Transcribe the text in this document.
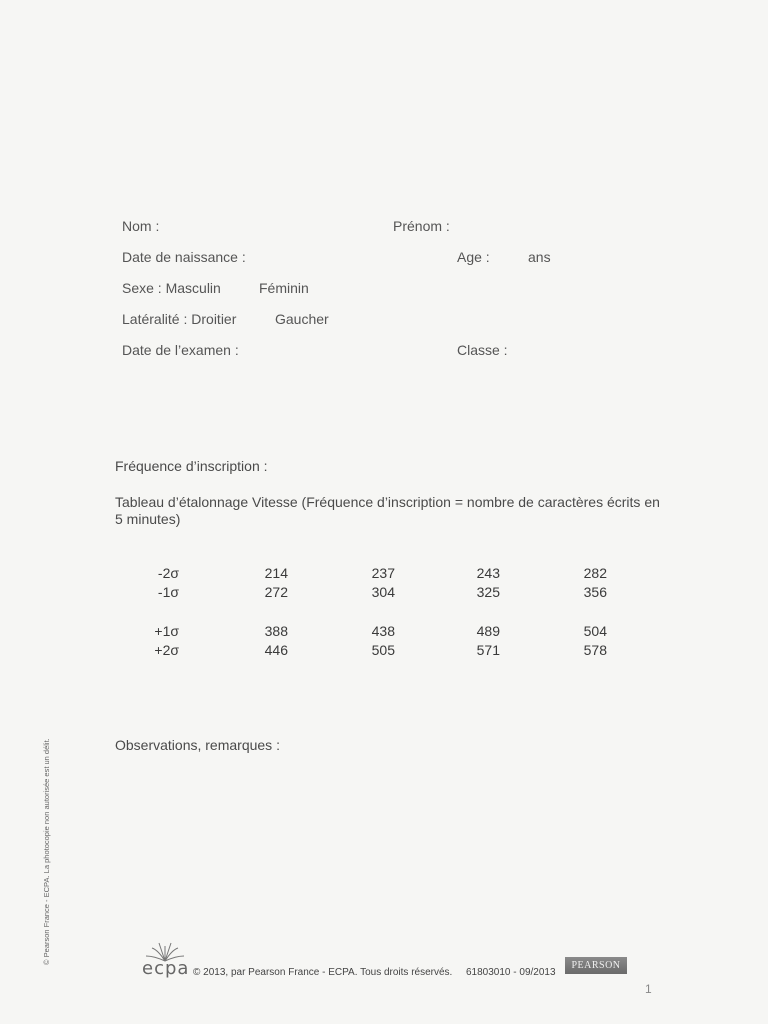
Nom :	Prénom :
Date de naissance :	Age :	ans
Sexe : Masculin	Féminin
Latéralité : Droitier	Gaucher
Date de l’examen :	Classe :
Fréquence d’inscription :
Tableau d’étalonnage Vitesse (Fréquence d’inscription = nombre de caractères écrits en 5 minutes)
-2σ	214	237	243	282
-1σ	272	304	325	356
+1σ	388	438	489	504
+2σ	446	505	571	578
Observations, remarques :
© Pearson France - ECPA. La photocopie non autorisée est un délit.
ecpa © 2013, par Pearson France - ECPA. Tous droits réservés. 61803010 - 09/2013
PEARSON
1
